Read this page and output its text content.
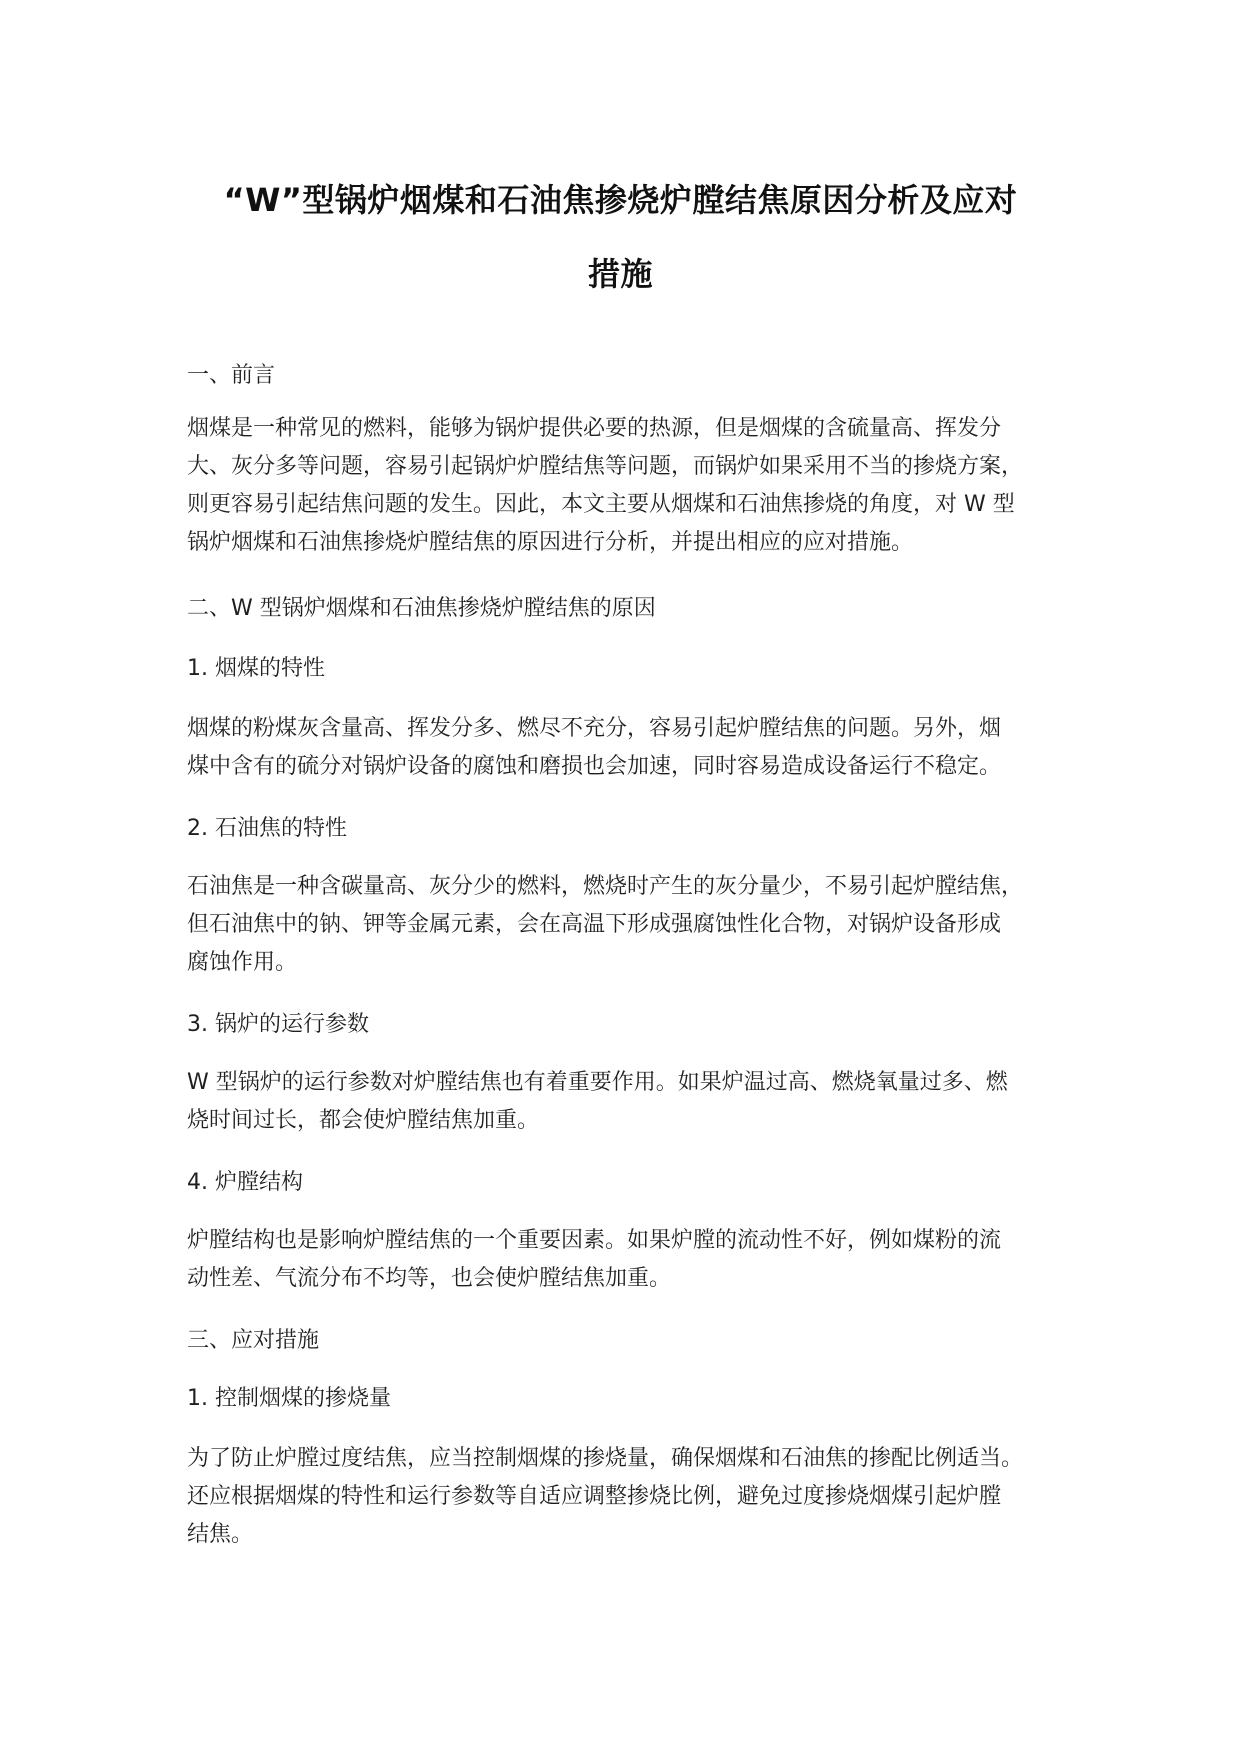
“W”型锅炉烟煤和石油焦掺烧炉膛结焦原因分析及应对
措施
一、前言
烟煤是一种常见的燃料，能够为锅炉提供必要的热源，但是烟煤的含硫量高、挥发分
大、灰分多等问题，容易引起锅炉炉膛结焦等问题，而锅炉如果采用不当的掺烧方案，
则更容易引起结焦问题的发生。因此，本文主要从烟煤和石油焦掺烧的角度，对 W 型
锅炉烟煤和石油焦掺烧炉膛结焦的原因进行分析，并提出相应的应对措施。
二、W 型锅炉烟煤和石油焦掺烧炉膛结焦的原因
1. 烟煤的特性
烟煤的粉煤灰含量高、挥发分多、燃尽不充分，容易引起炉膛结焦的问题。另外，烟
煤中含有的硫分对锅炉设备的腐蚀和磨损也会加速，同时容易造成设备运行不稳定。
2. 石油焦的特性
石油焦是一种含碳量高、灰分少的燃料，燃烧时产生的灰分量少，不易引起炉膛结焦，
但石油焦中的钠、钾等金属元素，会在高温下形成强腐蚀性化合物，对锅炉设备形成
腐蚀作用。
3. 锅炉的运行参数
W 型锅炉的运行参数对炉膛结焦也有着重要作用。如果炉温过高、燃烧氧量过多、燃
烧时间过长，都会使炉膛结焦加重。
4. 炉膛结构
炉膛结构也是影响炉膛结焦的一个重要因素。如果炉膛的流动性不好，例如煤粉的流
动性差、气流分布不均等，也会使炉膛结焦加重。
三、应对措施
1. 控制烟煤的掺烧量
为了防止炉膛过度结焦，应当控制烟煤的掺烧量，确保烟煤和石油焦的掺配比例适当。
还应根据烟煤的特性和运行参数等自适应调整掺烧比例，避免过度掺烧烟煤引起炉膛
结焦。
